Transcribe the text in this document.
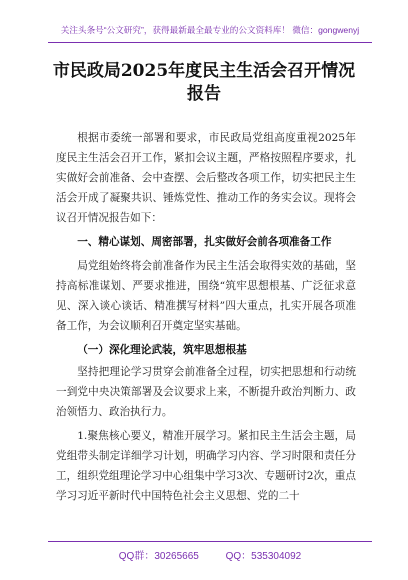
关注头条号“公文研究”，获得最新最全最专业的公文资料库！ 微信：gongwenyj
市民政局2025年度民主生活会召开情况
报告
根据市委统一部署和要求，市民政局党组高度重视2025年度民主生活会召开工作，紧扣会议主题，严格按照程序要求，扎实做好会前准备、会中查摆、会后整改各项工作，切实把民主生活会开成了凝聚共识、锤炼党性、推动工作的务实会议。现将会议召开情况报告如下：
一、精心谋划、周密部署，扎实做好会前各项准备工作
局党组始终将会前准备作为民主生活会取得实效的基础，坚持高标准谋划、严要求推进，围绕“筑牢思想根基、广泛征求意见、深入谈心谈话、精准撰写材料”四大重点，扎实开展各项准备工作，为会议顺利召开奠定坚实基础。
（一）深化理论武装，筑牢思想根基
坚持把理论学习贯穿会前准备全过程，切实把思想和行动统一到党中央决策部署及会议要求上来，不断提升政治判断力、政治领悟力、政治执行力。
1.聚焦核心要义，精准开展学习。紧扣民主生活会主题，局党组带头制定详细学习计划，明确学习内容、学习时限和责任分工，组织党组理论学习中心组集中学习3次、专题研讨2次，重点学习习近平新时代中国特色社会主义思想、党的二十
QQ群：30265665	QQ：535304092
